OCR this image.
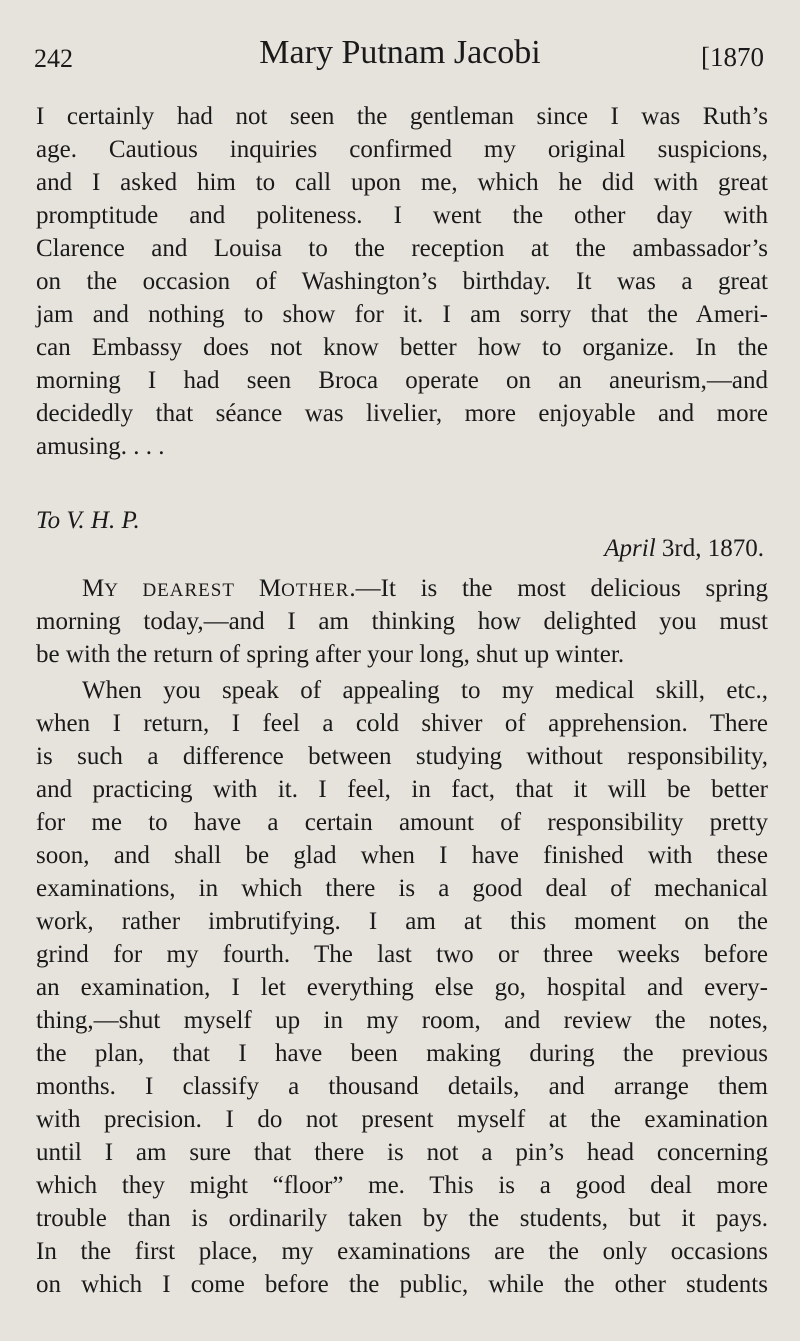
242	Mary Putnam Jacobi	[1870
I certainly had not seen the gentleman since I was Ruth’s
age. Cautious inquiries confirmed my original suspicions,
and I asked him to call upon me, which he did with great
promptitude and politeness. I went the other day with
Clarence and Louisa to the reception at the ambassador’s
on the occasion of Washington’s birthday. It was a great
jam and nothing to show for it. I am sorry that the Ameri-
can Embassy does not know better how to organize. In the
morning I had seen Broca operate on an aneurism,—and
decidedly that séance was livelier, more enjoyable and more
amusing. . . .
To V. H. P.
April 3rd, 1870.
MY DEAREST MOTHER.—It is the most delicious spring
morning today,—and I am thinking how delighted you must
be with the return of spring after your long, shut up winter.
When you speak of appealing to my medical skill, etc.,
when I return, I feel a cold shiver of apprehension. There
is such a difference between studying without responsibility,
and practicing with it. I feel, in fact, that it will be better
for me to have a certain amount of responsibility pretty
soon, and shall be glad when I have finished with these
examinations, in which there is a good deal of mechanical
work, rather imbrutifying. I am at this moment on the
grind for my fourth. The last two or three weeks before
an examination, I let everything else go, hospital and every-
thing,—shut myself up in my room, and review the notes,
the plan, that I have been making during the previous
months. I classify a thousand details, and arrange them
with precision. I do not present myself at the examination
until I am sure that there is not a pin’s head concerning
which they might “floor” me. This is a good deal more
trouble than is ordinarily taken by the students, but it pays.
In the first place, my examinations are the only occasions
on which I come before the public, while the other students
